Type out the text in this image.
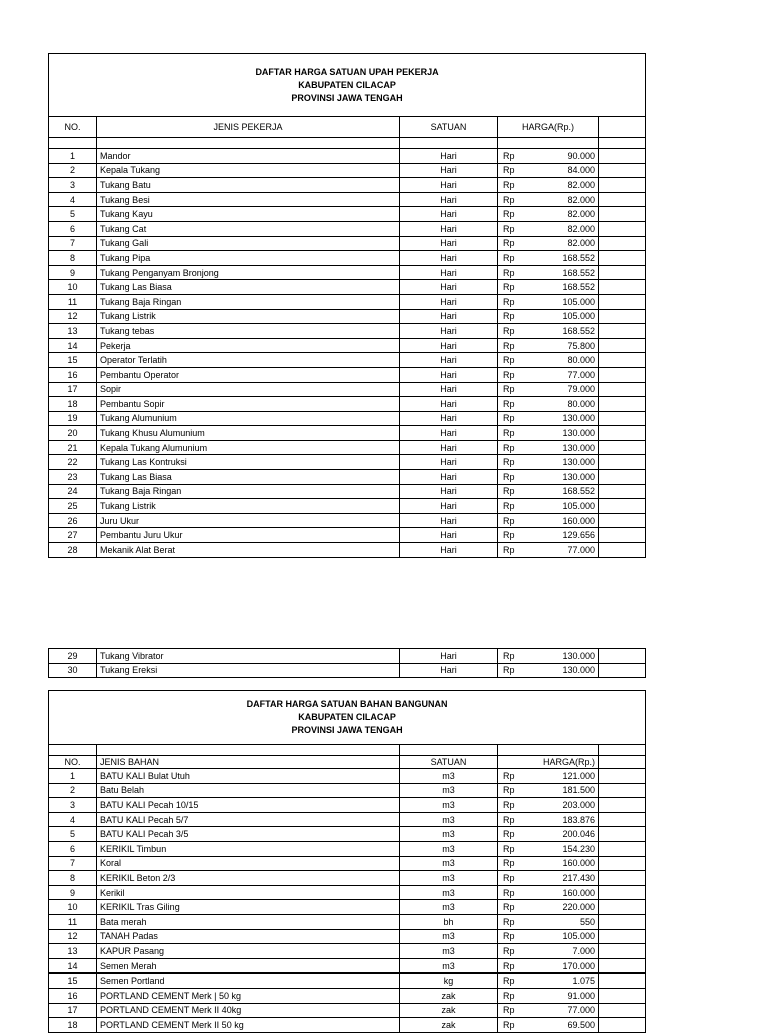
DAFTAR HARGA SATUAN UPAH PEKERJA
KABUPATEN CILACAP
PROVINSI JAWA TENGAH					

NO.	JENIS PEKERJA	SATUAN	HARGA(Rp.)		

1	Mandor	Hari	Rp	90.000	
2	Kepala Tukang	Hari	Rp	84.000	
3	Tukang Batu	Hari	Rp	82.000	
4	Tukang Besi	Hari	Rp	82.000	
5	Tukang Kayu	Hari	Rp	82.000	
6	Tukang Cat	Hari	Rp	82.000	
7	Tukang Gali	Hari	Rp	82.000	
8	Tukang Pipa	Hari	Rp	168.552	
9	Tukang Penganyam Bronjong	Hari	Rp	168.552	
10	Tukang Las Biasa	Hari	Rp	168.552	
11	Tukang Baja Ringan	Hari	Rp	105.000	
12	Tukang Listrik	Hari	Rp	105.000	
13	Tukang tebas	Hari	Rp	168.552	
14	Pekerja	Hari	Rp	75.800	
15	Operator Terlatih	Hari	Rp	80.000	
16	Pembantu Operator	Hari	Rp	77.000	
17	Sopir	Hari	Rp	79.000	
18	Pembantu Sopir	Hari	Rp	80.000	
19	Tukang Alumunium	Hari	Rp	130.000	
20	Tukang Khusu Alumunium	Hari	Rp	130.000	
21	Kepala Tukang Alumunium	Hari	Rp	130.000	
22	Tukang Las Kontruksi	Hari	Rp	130.000	
23	Tukang Las Biasa	Hari	Rp	130.000	
24	Tukang Baja Ringan	Hari	Rp	168.552	
25	Tukang Listrik	Hari	Rp	105.000	
26	Juru Ukur	Hari	Rp	160.000	
27	Pembantu Juru Ukur	Hari	Rp	129.656	
28	Mekanik Alat Berat	Hari	Rp	77.000	
29	Tukang Vibrator	Hari	Rp	130.000	
30	Tukang Ereksi	Hari	Rp	130.000	
DAFTAR HARGA SATUAN BAHAN BANGUNAN
KABUPATEN CILACAP
PROVINSI JAWA TENGAH					

NO.	JENIS BAHAN	SATUAN	HARGA(Rp.)		
1	BATU KALI Bulat Utuh	m3	Rp	121.000	
2	Batu Belah	m3	Rp	181.500	
3	BATU KALI Pecah 10/15	m3	Rp	203.000	
4	BATU KALI Pecah 5/7	m3	Rp	183.876	
5	BATU KALI Pecah 3/5	m3	Rp	200.046	
6	KERIKIL Timbun	m3	Rp	154.230	
7	Koral	m3	Rp	160.000	
8	KERIKIL Beton 2/3	m3	Rp	217.430	
9	Kerikil	m3	Rp	160.000	
10	KERIKIL Tras Giling	m3	Rp	220.000	
11	Bata merah	bh	Rp	550	
12	TANAH Padas	m3	Rp	105.000	
13	KAPUR Pasang	m3	Rp	7.000	
14	Semen Merah	m3	Rp	170.000	
15	Semen Portland	kg	Rp	1.075	
16	PORTLAND CEMENT Merk | 50 kg	zak	Rp	91.000	
17	PORTLAND CEMENT Merk II 40kg	zak	Rp	77.000	
18	PORTLAND CEMENT Merk II 50 kg	zak	Rp	69.500	
